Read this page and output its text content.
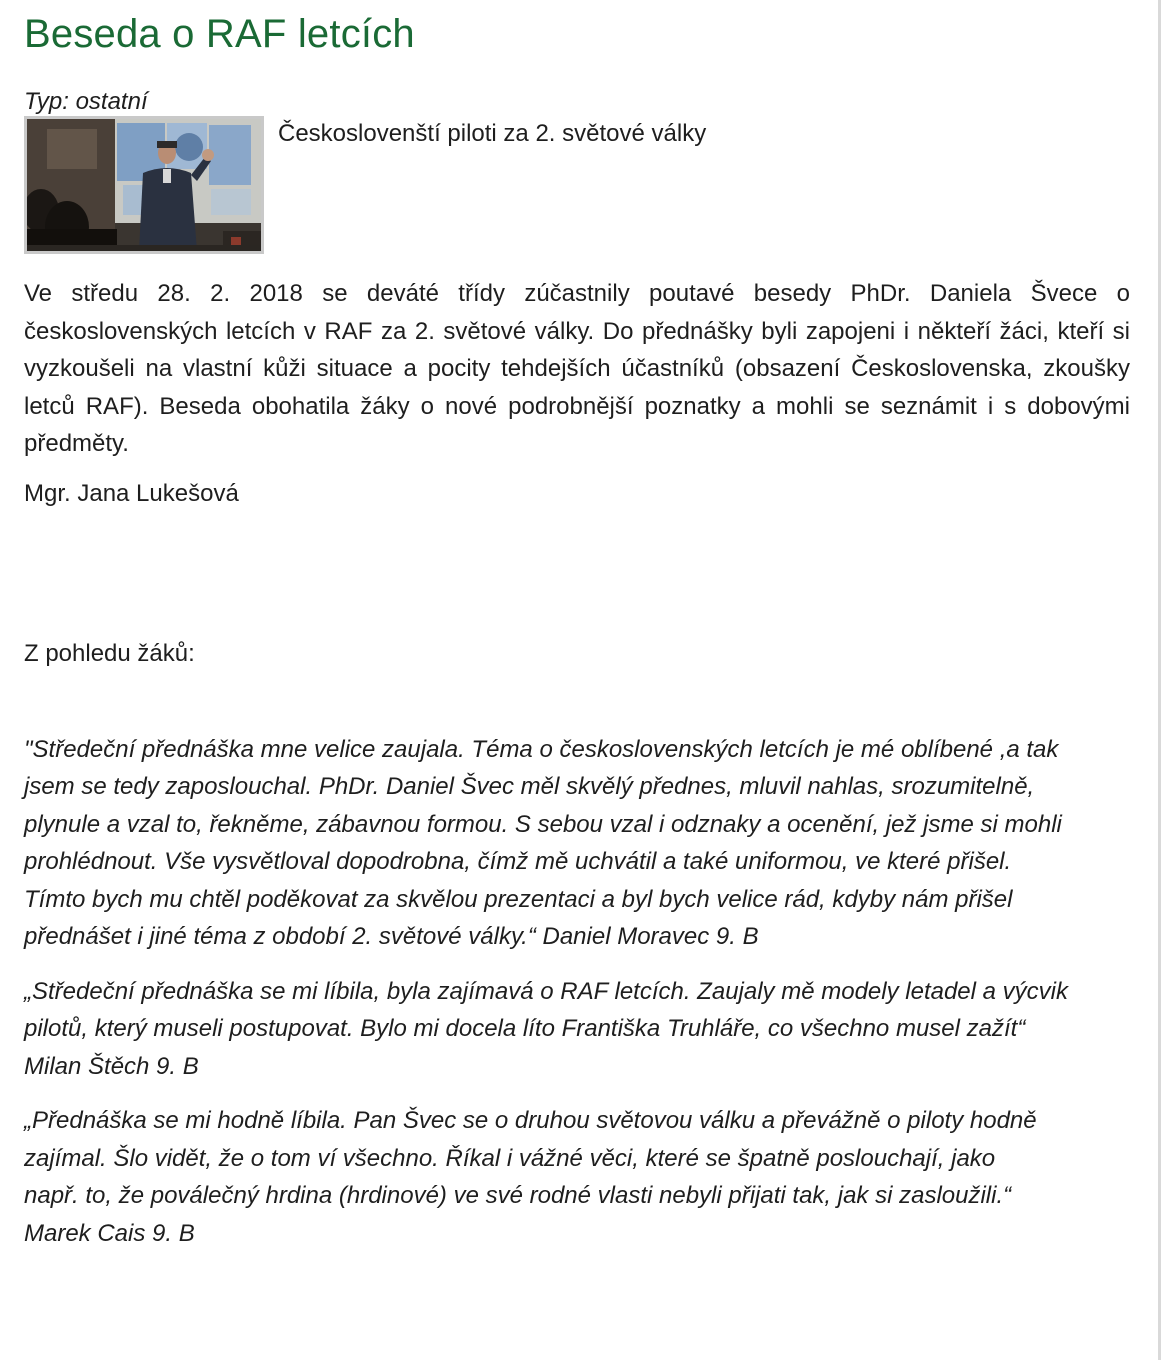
Beseda o RAF letcích
Typ: ostatní
Českoslovenští piloti za 2. světové války
Ve středu 28. 2. 2018 se deváté třídy zúčastnily poutavé besedy PhDr. Daniela Švece o československých letcích v RAF za 2. světové války. Do přednášky byli zapojeni i někteří žáci, kteří si vyzkoušeli na vlastní kůži situace a pocity tehdejších účastníků (obsazení Československa, zkoušky letců RAF). Beseda obohatila žáky o nové podrobnější poznatky a mohli se seznámit i s dobovými předměty.
Mgr. Jana Lukešová
Z pohledu žáků:
"Středeční přednáška mne velice zaujala. Téma o československých letcích je mé oblíbené ,a tak
jsem se tedy zaposlouchal. PhDr. Daniel Švec měl skvělý přednes, mluvil nahlas, srozumitelně,
plynule a vzal to, řekněme, zábavnou formou. S sebou vzal i odznaky a ocenění, jež jsme si mohli
prohlédnout. Vše vysvětloval dopodrobna, čímž mě uchvátil a také uniformou, ve které přišel.
Tímto bych mu chtěl poděkovat za skvělou prezentaci a byl bych velice rád, kdyby nám přišel
přednášet i jiné téma z období 2. světové války.“ Daniel Moravec 9. B
„Středeční přednáška se mi líbila, byla zajímavá o RAF letcích. Zaujaly mě modely letadel a výcvik
pilotů, který museli postupovat. Bylo mi docela líto Františka Truhláře, co všechno musel zažít“
Milan Štěch 9. B
„Přednáška se mi hodně líbila. Pan Švec se o druhou světovou válku a převážně o piloty hodně
zajímal. Šlo vidět, že o tom ví všechno. Říkal i vážné věci, které se špatně poslouchají, jako
např. to, že poválečný hrdina (hrdinové) ve své rodné vlasti nebyli přijati tak, jak si zasloužili.“
Marek Cais 9. B
